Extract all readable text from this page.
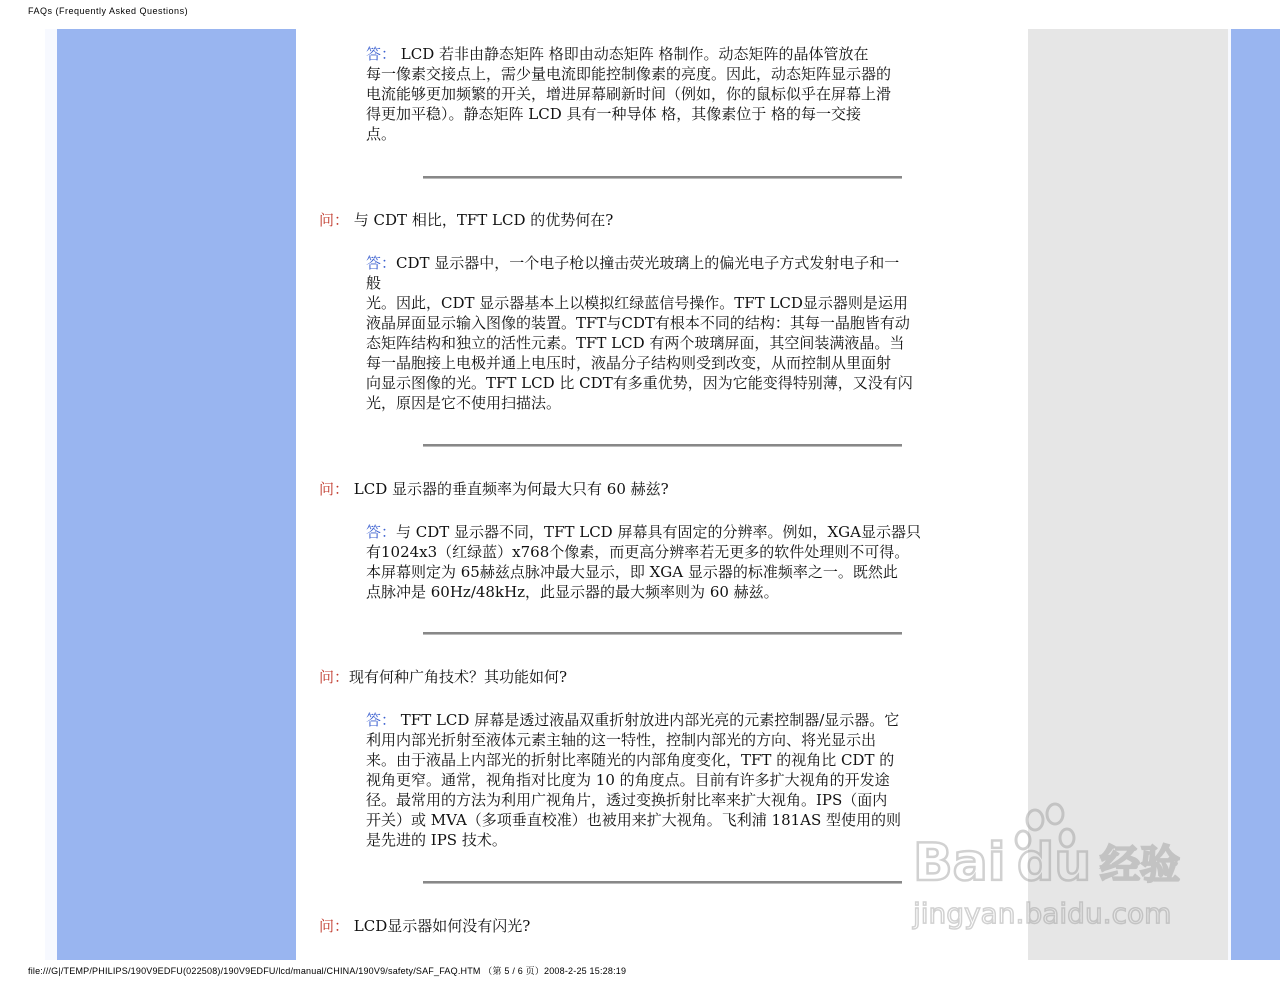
FAQs (Frequently Asked Questions)
答： LCD 若非由静态矩阵 格即由动态矩阵 格制作。动态矩阵的晶体管放在
每一像素交接点上，需少量电流即能控制像素的亮度。因此，动态矩阵显示器的
电流能够更加频繁的开关，增进屏幕刷新时间（例如，你的鼠标似乎在屏幕上滑
得更加平稳）。静态矩阵 LCD 具有一种导体 格，其像素位于 格的每一交接
点。
问： 与 CDT 相比，TFT LCD 的优势何在?
答：CDT 显示器中，一个电子枪以撞击荧光玻璃上的偏光电子方式发射电子和一
般
光。因此，CDT 显示器基本上以模拟红绿蓝信号操作。TFT LCD显示器则是运用
液晶屏面显示输入图像的装置。TFT与CDT有根本不同的结构：其每一晶胞皆有动
态矩阵结构和独立的活性元素。TFT LCD 有两个玻璃屏面，其空间装满液晶。当
每一晶胞接上电极并通上电压时，液晶分子结构则受到改变，从而控制从里面射
向显示图像的光。TFT LCD 比 CDT有多重优势，因为它能变得特别薄，又没有闪
光，原因是它不使用扫描法。
问： LCD 显示器的垂直频率为何最大只有 60 赫兹?
答：与 CDT 显示器不同，TFT LCD 屏幕具有固定的分辨率。例如，XGA显示器只
有1024x3（红绿蓝）x768个像素，而更高分辨率若无更多的软件处理则不可得。
本屏幕则定为 65赫兹点脉冲最大显示，即 XGA 显示器的标准频率之一。既然此
点脉冲是 60Hz/48kHz，此显示器的最大频率则为 60 赫兹。
问：现有何种广角技术？其功能如何?
答： TFT LCD 屏幕是透过液晶双重折射放进内部光亮的元素控制器/显示器。它
利用内部光折射至液体元素主轴的这一特性，控制内部光的方向、将光显示出
来。由于液晶上内部光的折射比率随光的内部角度变化，TFT 的视角比 CDT 的
视角更窄。通常，视角指对比度为 10 的角度点。目前有许多扩大视角的开发途
径。最常用的方法为利用广视角片，透过变换折射比率来扩大视角。IPS（面内
开关）或 MVA（多项垂直校准）也被用来扩大视角。飞利浦 181AS 型使用的则
是先进的 IPS 技术。
问： LCD显示器如何没有闪光?
Bai du 经验
jingyan.baidu.com
file:///G|/TEMP/PHILIPS/190V9EDFU(022508)/190V9EDFU/lcd/manual/CHINA/190V9/safety/SAF_FAQ.HTM （第 5 / 6 页）2008-2-25 15:28:19
